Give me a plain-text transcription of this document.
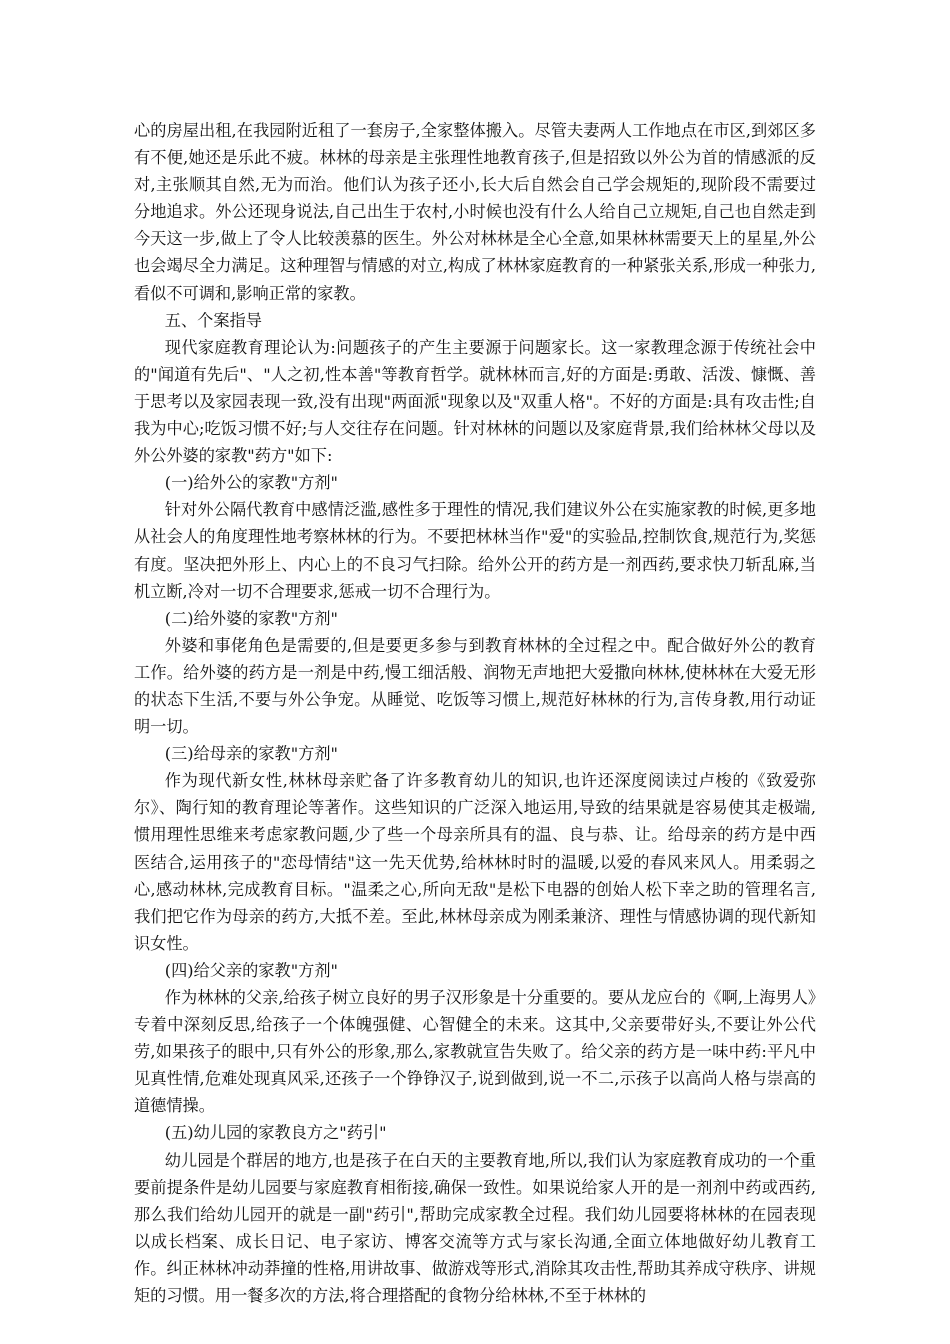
心的房屋出租,在我园附近租了一套房子,全家整体搬入。尽管夫妻两人工作地点在市区,到郊区多有不便,她还是乐此不疲。林林的母亲是主张理性地教育孩子,但是招致以外公为首的情感派的反对,主张顺其自然,无为而治。他们认为孩子还小,长大后自然会自己学会规矩的,现阶段不需要过分地追求。外公还现身说法,自己出生于农村,小时候也没有什么人给自己立规矩,自己也自然走到今天这一步,做上了令人比较羡慕的医生。外公对林林是全心全意,如果林林需要天上的星星,外公也会竭尽全力满足。这种理智与情感的对立,构成了林林家庭教育的一种紧张关系,形成一种张力,看似不可调和,影响正常的家教。

五、个案指导

现代家庭教育理论认为:问题孩子的产生主要源于问题家长。这一家教理念源于传统社会中的"闻道有先后"、"人之初,性本善"等教育哲学。就林林而言,好的方面是:勇敢、活泼、慷慨、善于思考以及家园表现一致,没有出现"两面派"现象以及"双重人格"。不好的方面是:具有攻击性;自我为中心;吃饭习惯不好;与人交往存在问题。针对林林的问题以及家庭背景,我们给林林父母以及外公外婆的家教"药方"如下:

(一)给外公的家教"方剂"

针对外公隔代教育中感情泛滥,感性多于理性的情况,我们建议外公在实施家教的时候,更多地从社会人的角度理性地考察林林的行为。不要把林林当作"爱"的实验品,控制饮食,规范行为,奖惩有度。坚决把外形上、内心上的不良习气扫除。给外公开的药方是一剂西药,要求快刀斩乱麻,当机立断,冷对一切不合理要求,惩戒一切不合理行为。

(二)给外婆的家教"方剂"

外婆和事佬角色是需要的,但是要更多参与到教育林林的全过程之中。配合做好外公的教育工作。给外婆的药方是一剂是中药,慢工细活般、润物无声地把大爱撒向林林,使林林在大爱无形的状态下生活,不要与外公争宠。从睡觉、吃饭等习惯上,规范好林林的行为,言传身教,用行动证明一切。

(三)给母亲的家教"方剂"

作为现代新女性,林林母亲贮备了许多教育幼儿的知识,也许还深度阅读过卢梭的《致爱弥尔》、陶行知的教育理论等著作。这些知识的广泛深入地运用,导致的结果就是容易使其走极端,惯用理性思维来考虑家教问题,少了些一个母亲所具有的温、良与恭、让。给母亲的药方是中西医结合,运用孩子的"恋母情结"这一先天优势,给林林时时的温暖,以爱的春风来风人。用柔弱之心,感动林林,完成教育目标。"温柔之心,所向无敌"是松下电器的创始人松下幸之助的管理名言,我们把它作为母亲的药方,大抵不差。至此,林林母亲成为刚柔兼济、理性与情感协调的现代新知识女性。

(四)给父亲的家教"方剂"

作为林林的父亲,给孩子树立良好的男子汉形象是十分重要的。要从龙应台的《啊,上海男人》专着中深刻反思,给孩子一个体魄强健、心智健全的未来。这其中,父亲要带好头,不要让外公代劳,如果孩子的眼中,只有外公的形象,那么,家教就宣告失败了。给父亲的药方是一味中药:平凡中见真性情,危难处现真风采,还孩子一个铮铮汉子,说到做到,说一不二,示孩子以高尚人格与崇高的道德情操。

(五)幼儿园的家教良方之"药引"

幼儿园是个群居的地方,也是孩子在白天的主要教育地,所以,我们认为家庭教育成功的一个重要前提条件是幼儿园要与家庭教育相衔接,确保一致性。如果说给家人开的是一剂剂中药或西药,那么我们给幼儿园开的就是一副"药引",帮助完成家教全过程。我们幼儿园要将林林的在园表现以成长档案、成长日记、电子家访、博客交流等方式与家长沟通,全面立体地做好幼儿教育工作。纠正林林冲动莽撞的性格,用讲故事、做游戏等形式,消除其攻击性,帮助其养成守秩序、讲规矩的习惯。用一餐多次的方法,将合理搭配的食物分给林林,不至于林林的
